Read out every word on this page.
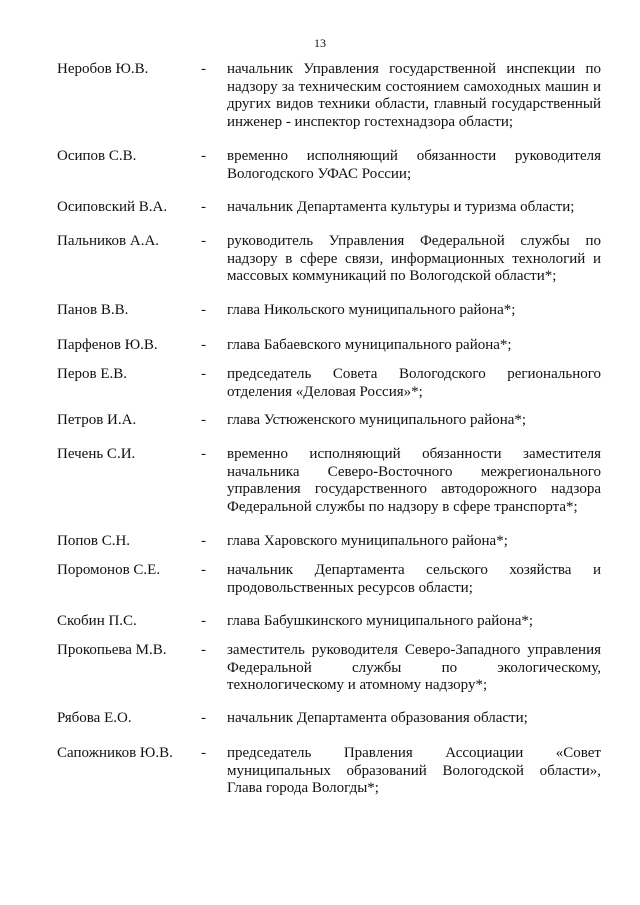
13
Неробов Ю.В.	-	начальник Управления государственной инспекции по надзору за техническим состоянием самоходных машин и других видов техники области, главный государственный инженер - инспектор гостехнадзора области;
Осипов С.В.	-	временно исполняющий обязанности руководителя Вологодского УФАС России;
Осиповский В.А.	-	начальник Департамента культуры и туризма области;
Пальников А.А.	-	руководитель Управления Федеральной службы по надзору в сфере связи, информационных технологий и массовых коммуникаций по Вологодской области*;
Панов В.В.	-	глава Никольского муниципального района*;
Парфенов Ю.В.	-	глава Бабаевского муниципального района*;
Перов Е.В.	-	председатель Совета Вологодского регионального отделения «Деловая Россия»*;
Петров И.А.	-	глава Устюженского муниципального района*;
Печень С.И.	-	временно исполняющий обязанности заместителя начальника Северо-Восточного межрегионального управления государственного автодорожного надзора Федеральной службы по надзору в сфере транспорта*;
Попов С.Н.	-	глава Харовского муниципального района*;
Поромонов С.Е.	-	начальник Департамента сельского хозяйства и продовольственных ресурсов области;
Скобин П.С.	-	глава Бабушкинского муниципального района*;
Прокопьева М.В.	-	заместитель руководителя Северо-Западного управления Федеральной службы по экологическому, технологическому и атомному надзору*;
Рябова Е.О.	-	начальник Департамента образования области;
Сапожников Ю.В.	-	председатель Правления Ассоциации «Совет муниципальных образований Вологодской области», Глава города Вологды*;
